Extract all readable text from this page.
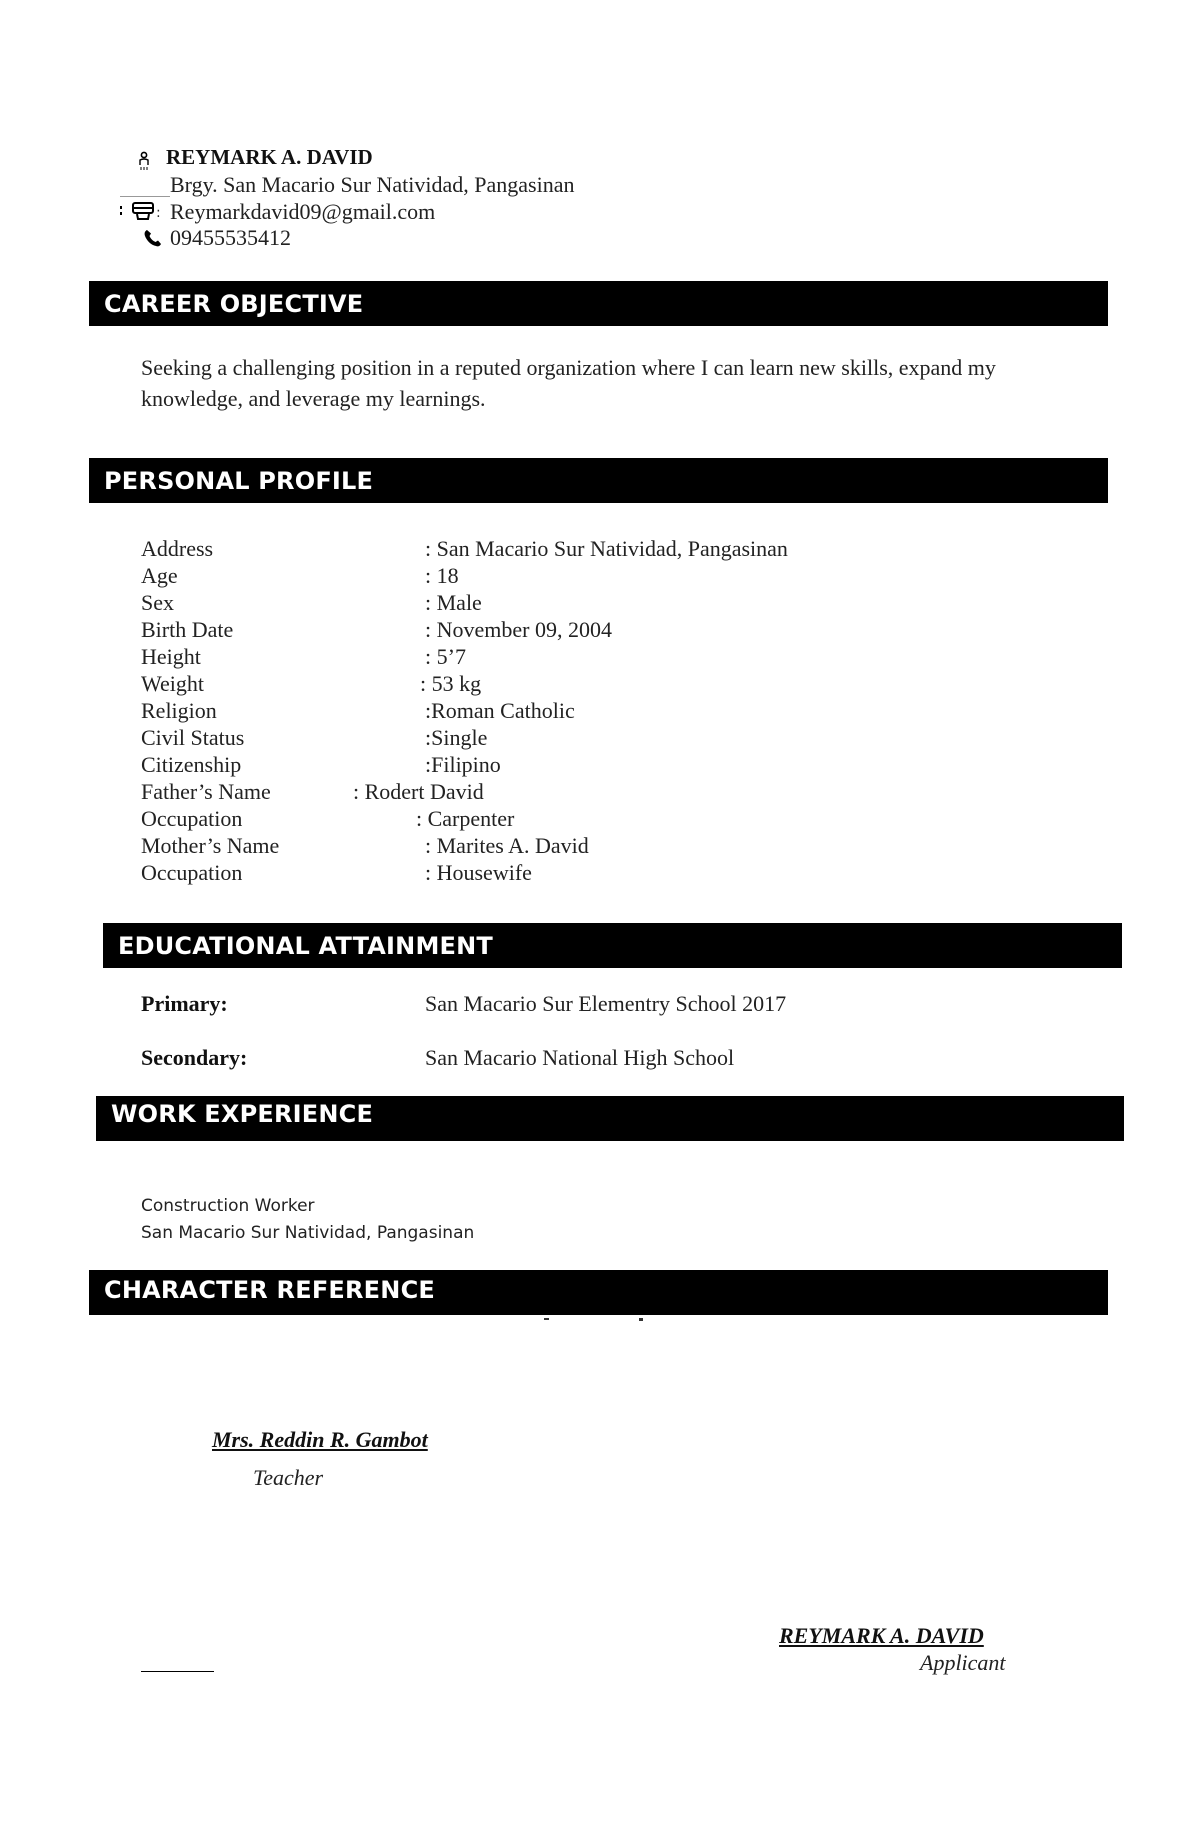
REYMARK A. DAVID
Brgy. San Macario Sur Natividad, Pangasinan
: Reymarkdavid09@gmail.com
09455535412
CAREER OBJECTIVE
Seeking a challenging position in a reputed organization where I can learn new skills, expand my
knowledge, and leverage my learnings.
PERSONAL PROFILE
Address	: San Macario Sur Natividad, Pangasinan
Age	: 18
Sex	: Male
Birth Date	: November 09, 2004
Height	: 5’7
Weight	: 53 kg
Religion	:Roman Catholic
Civil Status	:Single
Citizenship	:Filipino
Father’s Name	: Rodert David
Occupation	: Carpenter
Mother’s Name	: Marites A. David
Occupation	: Housewife
EDUCATIONAL ATTAINMENT
Primary:	San Macario Sur Elementry School 2017
Secondary:	San Macario National High School
WORK EXPERIENCE
Construction Worker
San Macario Sur Natividad, Pangasinan
CHARACTER REFERENCE
Mrs. Reddin R. Gambot
Teacher
REYMARK A. DAVID
Applicant
